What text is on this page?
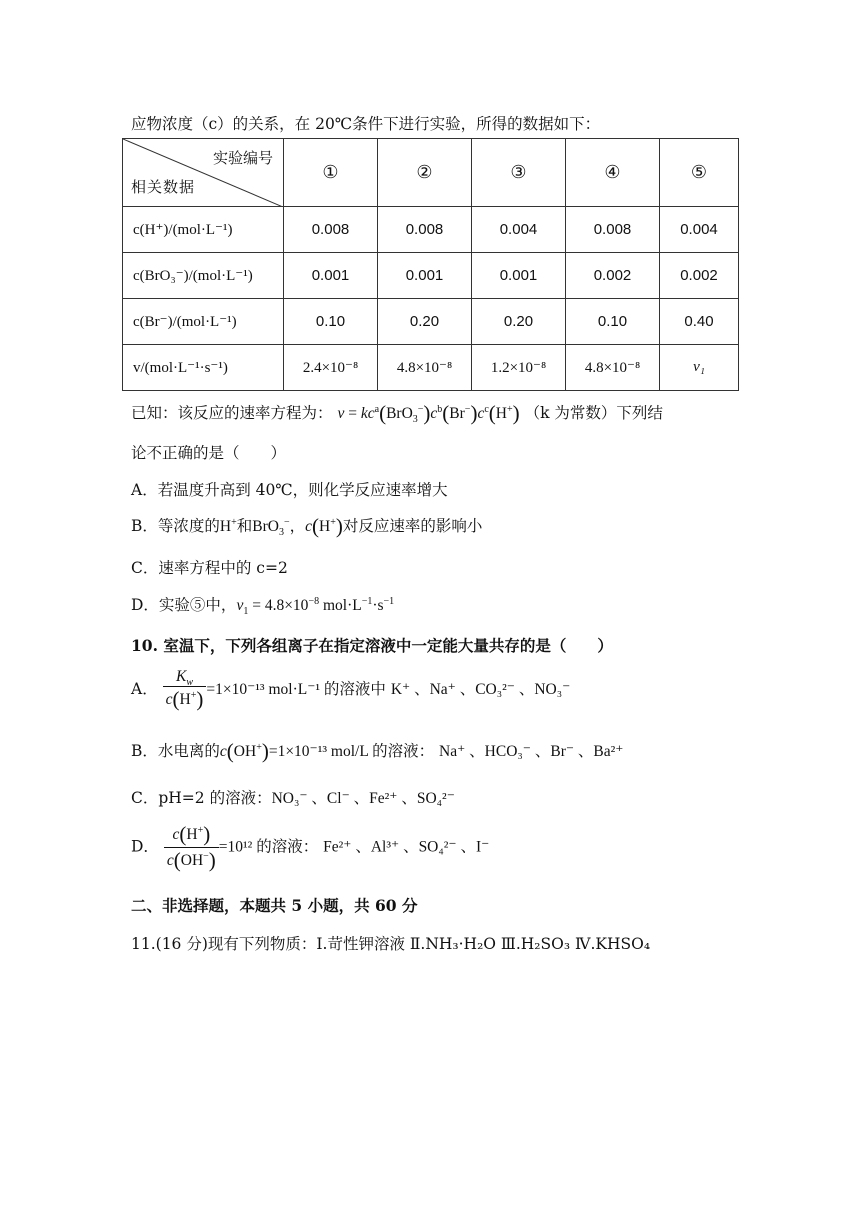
应物浓度（c）的关系，在 20℃条件下进行实验，所得的数据如下：
实验编号
相关数据	①	②	③	④	⑤
c(H⁺)/(mol·L⁻¹)	0.008	0.008	0.004	0.008	0.004
c(BrO₃⁻)/(mol·L⁻¹)	0.001	0.001	0.001	0.002	0.002
c(Br⁻)/(mol·L⁻¹)	0.10	0.20	0.20	0.10	0.40
v/(mol·L⁻¹·s⁻¹)	2.4×10⁻⁸	4.8×10⁻⁸	1.2×10⁻⁸	4.8×10⁻⁸	v₁
已知：该反应的速率方程为： $v = kc^a(BrO_3^-)c^b(Br^-)c^c(H^+)$ （k 为常数）下列结
论不正确的是（　　）
A．若温度升高到 40℃，则化学反应速率增大
B．等浓度的H+和BrO$_3$−，c(H+)对反应速率的影响小
C．速率方程中的 c=2
D．实验⑤中，$v_1 = 4.8\times 10^{-8}$ $mol\cdot L^{-1}\cdot s^{-1}$
10. 室温下，下列各组离子在指定溶液中一定能大量共存的是（　　）
A． $\frac{K_w}{c(H^+)} =1\times 10^{-13}$ mol·L⁻¹ 的溶液中 K⁺ 、Na⁺ 、CO₃²⁻ 、NO₃⁻
B．水电离的c(OH+)=1×10⁻¹³ mol/L 的溶液： Na⁺ 、HCO₃⁻ 、Br⁻ 、Ba²⁺
C．pH=2 的溶液：NO₃⁻ 、Cl⁻ 、Fe²⁺ 、SO₄²⁻
D． $\frac{c(H^+)}{c(OH^-)} =10^{12}$ 的溶液： Fe²⁺ 、Al³⁺ 、SO₄²⁻ 、I⁻
二、非选择题，本题共 5 小题，共 60 分
11.(16 分)现有下列物质：Ⅰ.苛性钾溶液 Ⅱ.NH₃·H₂O Ⅲ.H₂SO₃ Ⅳ.KHSO₄
